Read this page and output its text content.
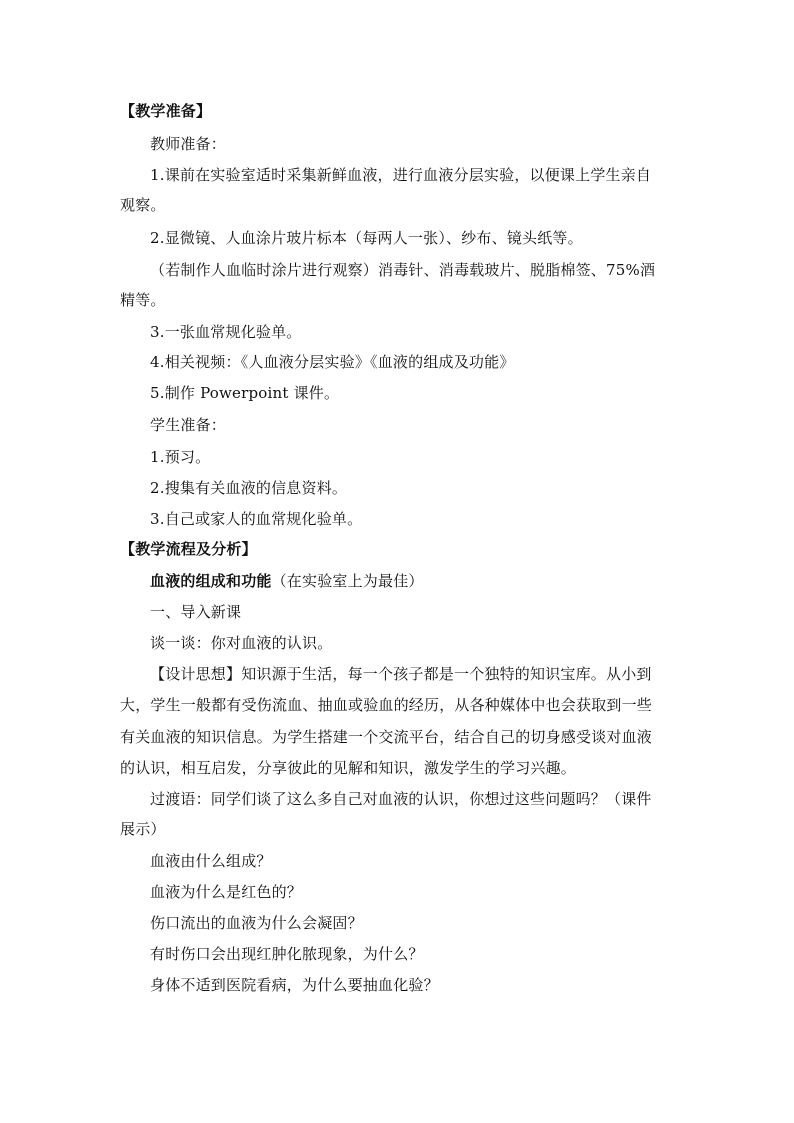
【教学准备】
教师准备：
1.课前在实验室适时采集新鲜血液，进行血液分层实验，以便课上学生亲自
观察。
2.显微镜、人血涂片玻片标本（每两人一张）、纱布、镜头纸等。
（若制作人血临时涂片进行观察）消毒针、消毒载玻片、脱脂棉签、75%酒
精等。
3.一张血常规化验单。
4.相关视频：《人血液分层实验》《血液的组成及功能》
5.制作 Powerpoint 课件。
学生准备：
1.预习。
2.搜集有关血液的信息资料。
3.自己或家人的血常规化验单。
【教学流程及分析】
血液的组成和功能（在实验室上为最佳）
一、导入新课
谈一谈：你对血液的认识。
【设计思想】知识源于生活，每一个孩子都是一个独特的知识宝库。从小到
大，学生一般都有受伤流血、抽血或验血的经历，从各种媒体中也会获取到一些
有关血液的知识信息。为学生搭建一个交流平台，结合自己的切身感受谈对血液
的认识，相互启发，分享彼此的见解和知识，激发学生的学习兴趣。
过渡语：同学们谈了这么多自己对血液的认识，你想过这些问题吗？（课件
展示）
血液由什么组成？
血液为什么是红色的？
伤口流出的血液为什么会凝固？
有时伤口会出现红肿化脓现象，为什么？
身体不适到医院看病，为什么要抽血化验？
